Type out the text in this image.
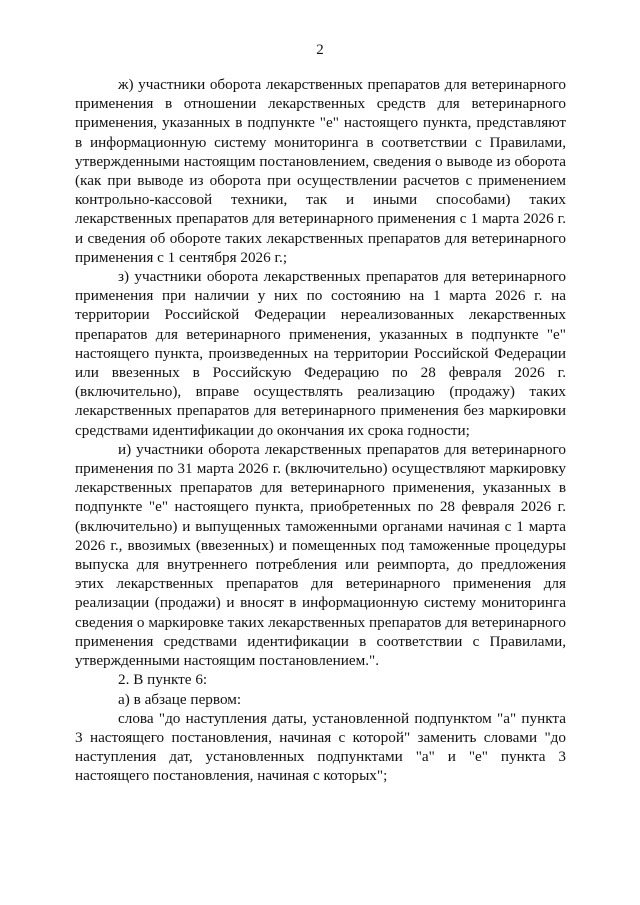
2

ж) участники оборота лекарственных препаратов для ветеринарного применения в отношении лекарственных средств для ветеринарного применения, указанных в подпункте "е" настоящего пункта, представляют в информационную систему мониторинга в соответствии с Правилами, утвержденными настоящим постановлением, сведения о выводе из оборота (как при выводе из оборота при осуществлении расчетов с применением контрольно-кассовой техники, так и иными способами) таких лекарственных препаратов для ветеринарного применения с 1 марта 2026 г. и сведения об обороте таких лекарственных препаратов для ветеринарного применения с 1 сентября 2026 г.;

з) участники оборота лекарственных препаратов для ветеринарного применения при наличии у них по состоянию на 1 марта 2026 г. на территории Российской Федерации нереализованных лекарственных препаратов для ветеринарного применения, указанных в подпункте "е" настоящего пункта, произведенных на территории Российской Федерации или ввезенных в Российскую Федерацию по 28 февраля 2026 г. (включительно), вправе осуществлять реализацию (продажу) таких лекарственных препаратов для ветеринарного применения без маркировки средствами идентификации до окончания их срока годности;

и) участники оборота лекарственных препаратов для ветеринарного применения по 31 марта 2026 г. (включительно) осуществляют маркировку лекарственных препаратов для ветеринарного применения, указанных в подпункте "е" настоящего пункта, приобретенных по 28 февраля 2026 г. (включительно) и выпущенных таможенными органами начиная с 1 марта 2026 г., ввозимых (ввезенных) и помещенных под таможенные процедуры выпуска для внутреннего потребления или реимпорта, до предложения этих лекарственных препаратов для ветеринарного применения для реализации (продажи) и вносят в информационную систему мониторинга сведения о маркировке таких лекарственных препаратов для ветеринарного применения средствами идентификации в соответствии с Правилами, утвержденными настоящим постановлением.".

2. В пункте 6:

а) в абзаце первом:

слова "до наступления даты, установленной подпунктом "а" пункта 3 настоящего постановления, начиная с которой" заменить словами "до наступления дат, установленных подпунктами "а" и "е" пункта 3 настоящего постановления, начиная с которых";
